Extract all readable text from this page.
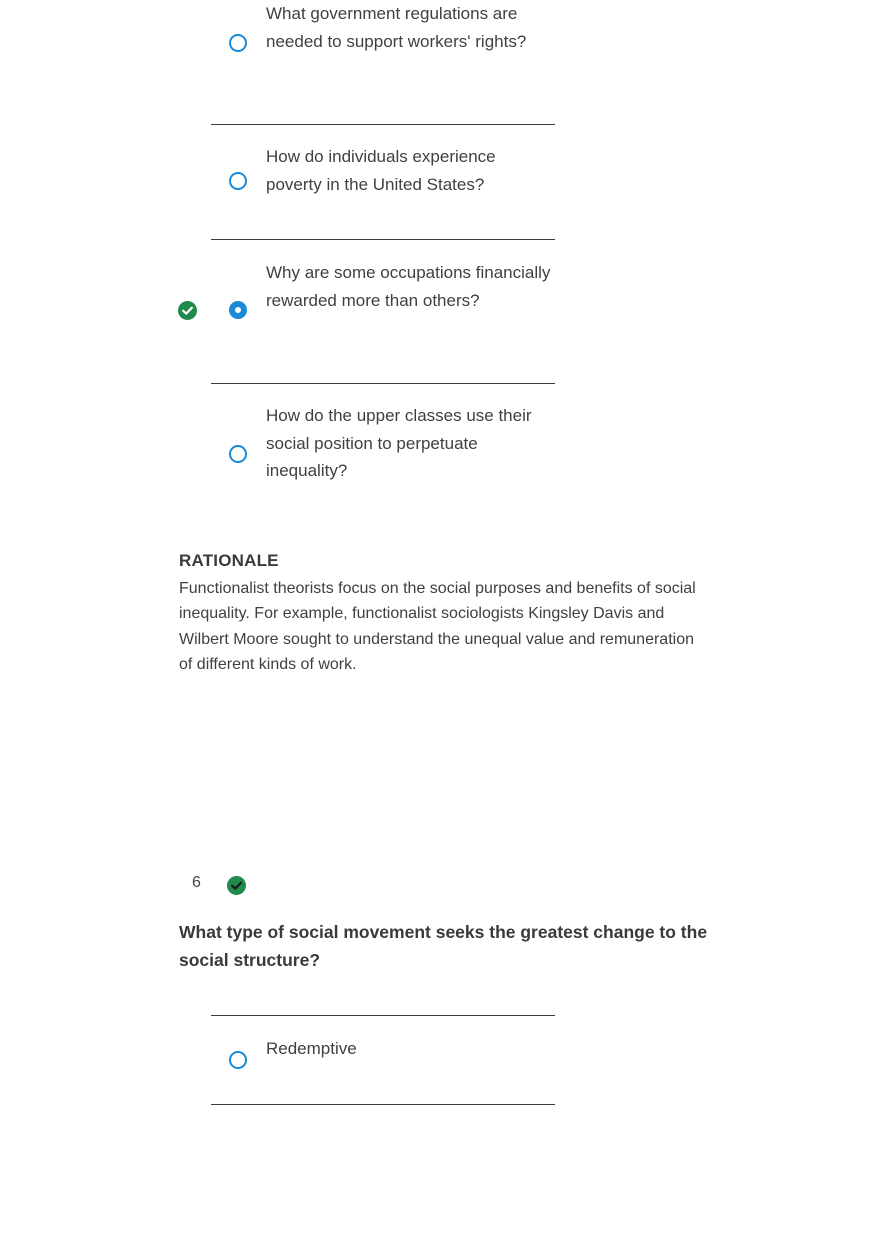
What government regulations are needed to support workers' rights?
How do individuals experience poverty in the United States?
Why are some occupations financially rewarded more than others?
How do the upper classes use their social position to perpetuate inequality?
RATIONALE
Functionalist theorists focus on the social purposes and benefits of social inequality. For example, functionalist sociologists Kingsley Davis and Wilbert Moore sought to understand the unequal value and remuneration of different kinds of work.
6
What type of social movement seeks the greatest change to the social structure?
Redemptive
